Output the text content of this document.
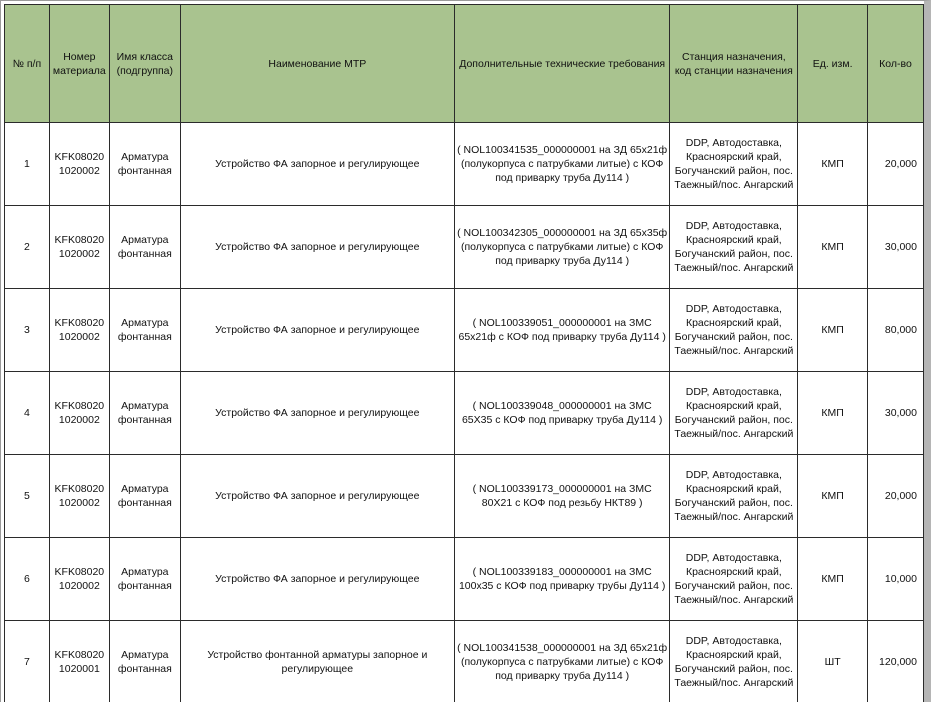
№ п/п	Номер материала	Имя класса (подгруппа)	Наименование МТР	Дополнительные технические требования	Станция назначения, код станции назначения	Ед. изм.	Кол-во
1	KFK08020 1020002	Арматура фонтанная	Устройство ФА запорное и регулирующее	( NOL100341535_000000001 на ЗД 65x21ф (полукорпуса с патрубками литые) с КОФ под приварку труба Ду114 )	DDP, Автодоставка, Красноярский край, Богучанский район, пос. Таежный/пос. Ангарский	КМП	20,000
2	KFK08020 1020002	Арматура фонтанная	Устройство ФА запорное и регулирующее	( NOL100342305_000000001 на ЗД 65x35ф (полукорпуса с патрубками литые) с КОФ под приварку труба Ду114 )	DDP, Автодоставка, Красноярский край, Богучанский район, пос. Таежный/пос. Ангарский	КМП	30,000
3	KFK08020 1020002	Арматура фонтанная	Устройство ФА запорное и регулирующее	( NOL100339051_000000001 на ЗМС 65x21ф с КОФ под приварку труба Ду114 )	DDP, Автодоставка, Красноярский край, Богучанский район, пос. Таежный/пос. Ангарский	КМП	80,000
4	KFK08020 1020002	Арматура фонтанная	Устройство ФА запорное и регулирующее	( NOL100339048_000000001 на ЗМС 65X35 с КОФ под приварку труба Ду114 )	DDP, Автодоставка, Красноярский край, Богучанский район, пос. Таежный/пос. Ангарский	КМП	30,000
5	KFK08020 1020002	Арматура фонтанная	Устройство ФА запорное и регулирующее	( NOL100339173_000000001 на ЗМС 80X21 с КОФ под резьбу НКТ89 )	DDP, Автодоставка, Красноярский край, Богучанский район, пос. Таежный/пос. Ангарский	КМП	20,000
6	KFK08020 1020002	Арматура фонтанная	Устройство ФА запорное и регулирующее	( NOL100339183_000000001 на ЗМС 100x35 с КОФ под приварку трубы Ду114 )	DDP, Автодоставка, Красноярский край, Богучанский район, пос. Таежный/пос. Ангарский	КМП	10,000
7	KFK08020 1020001	Арматура фонтанная	Устройство фонтанной арматуры запорное и регулирующее	( NOL100341538_000000001 на ЗД 65x21ф (полукорпуса с патрубками литые) с КОФ под приварку труба Ду114 )	DDP, Автодоставка, Красноярский край, Богучанский район, пос. Таежный/пос. Ангарский	ШТ	120,000
